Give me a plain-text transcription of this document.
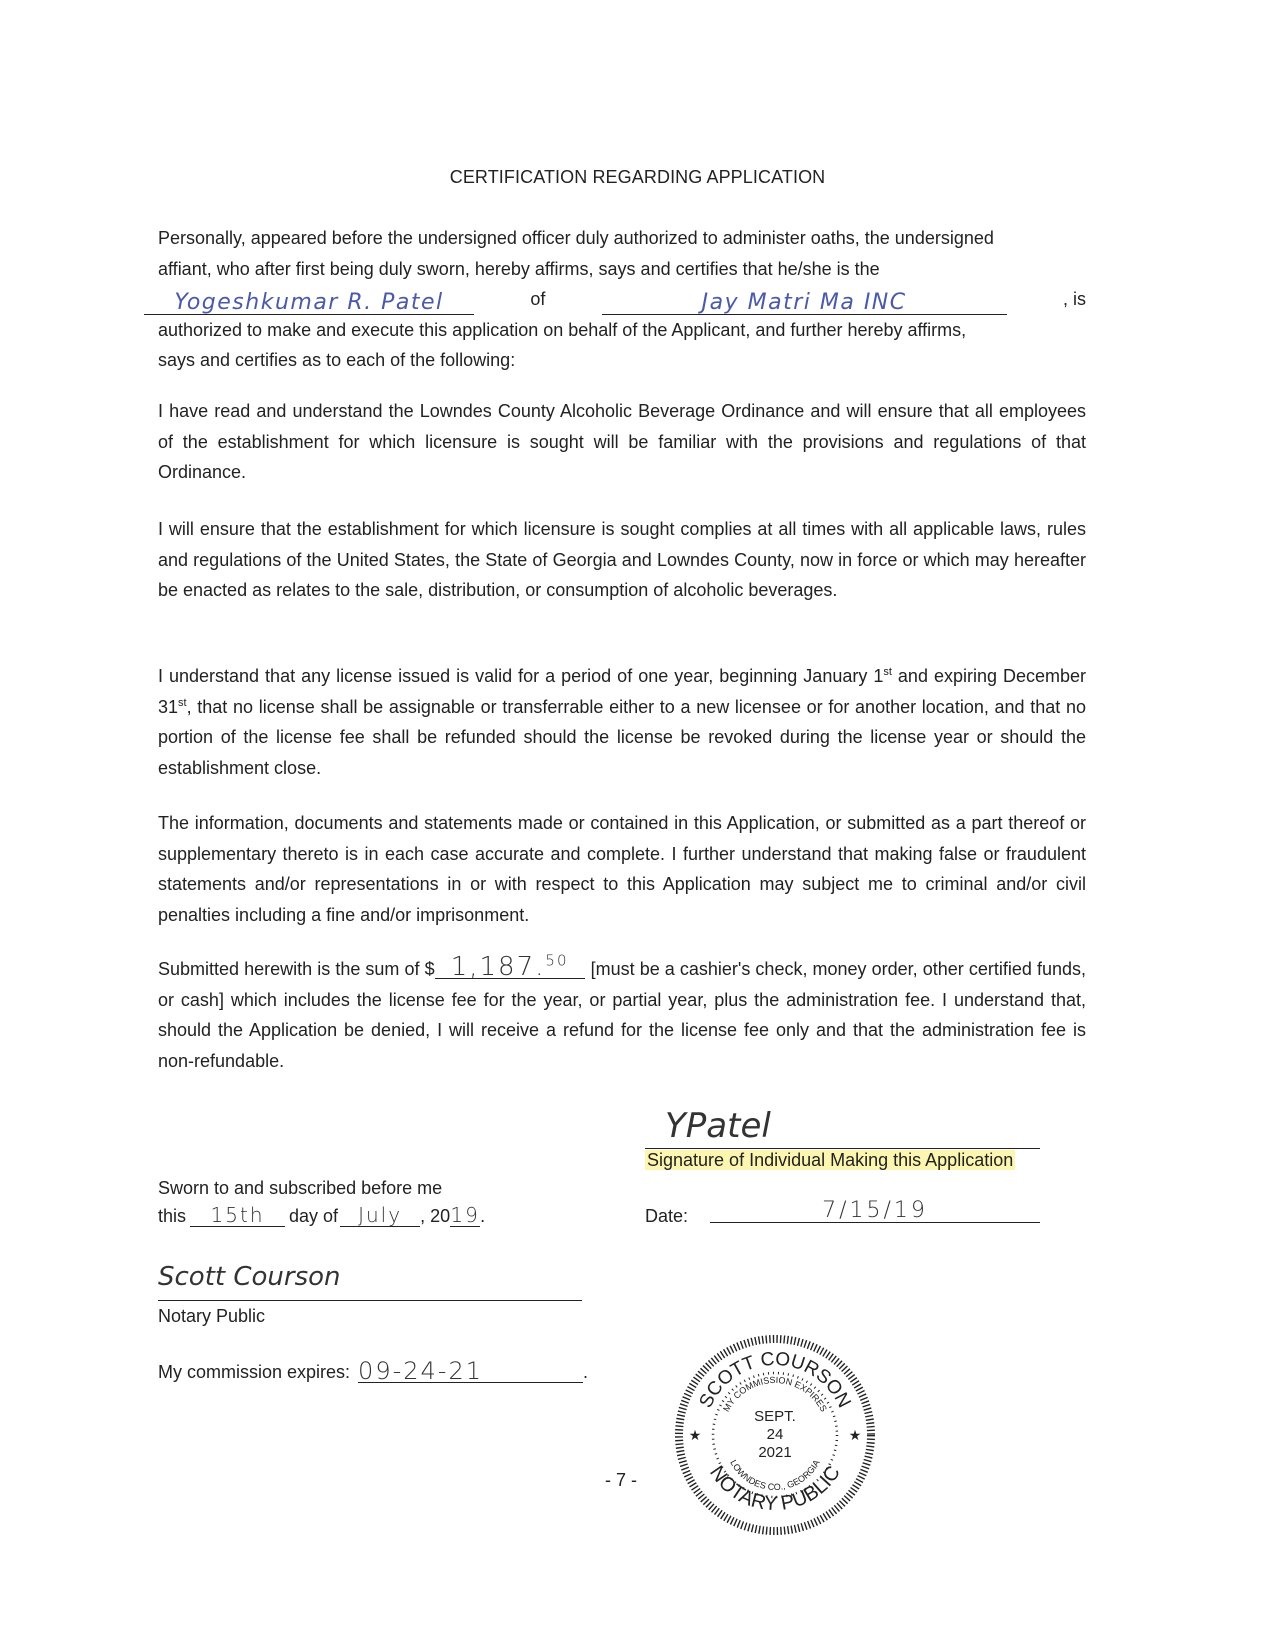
CERTIFICATION REGARDING APPLICATION

Personally, appeared before the undersigned officer duly authorized to administer oaths, the undersigned

affiant, who after first being duly sworn, hereby affirms, says and certifies that he/she is the

Yogeshkumar R. Patel	of	Jay Matri Ma INC	, is

authorized to make and execute this application on behalf of the Applicant, and further hereby affirms,

says and certifies as to each of the following:

I have read and understand the Lowndes County Alcoholic Beverage Ordinance and will ensure that all employees of the establishment for which licensure is sought will be familiar with the provisions and regulations of that Ordinance.

I will ensure that the establishment for which licensure is sought complies at all times with all applicable laws, rules and regulations of the United States, the State of Georgia and Lowndes County, now in force or which may hereafter be enacted as relates to the sale, distribution, or consumption of alcoholic beverages.

I understand that any license issued is valid for a period of one year, beginning January 1st and expiring December 31st, that no license shall be assignable or transferrable either to a new licensee or for another location, and that no portion of the license fee shall be refunded should the license be revoked during the license year or should the establishment close.

The information, documents and statements made or contained in this Application, or submitted as a part thereof or supplementary thereto is in each case accurate and complete. I further understand that making false or fraudulent statements and/or representations in or with respect to this Application may subject me to criminal and/or civil penalties including a fine and/or imprisonment.

Submitted herewith is the sum of $ 1,187.50 [must be a cashier's check, money order, other certified funds, or cash] which includes the license fee for the year, or partial year, plus the administration fee. I understand that, should the Application be denied, I will receive a refund for the license fee only and that the administration fee is non-refundable.

YPatel
Signature of Individual Making this Application
Date:	7/15/19
Sworn to and subscribed before me
this	15th	day of	July	, 20 19 .
Scott Courson
Notary Public
My commission expires: 09-24-21	.
SCOTT COURSON
NOTARY PUBLIC
MY COMMISSION EXPIRES
LOWNDES CO., GEORGIA
SEPT.
24
2021
★	★
- 7 -
